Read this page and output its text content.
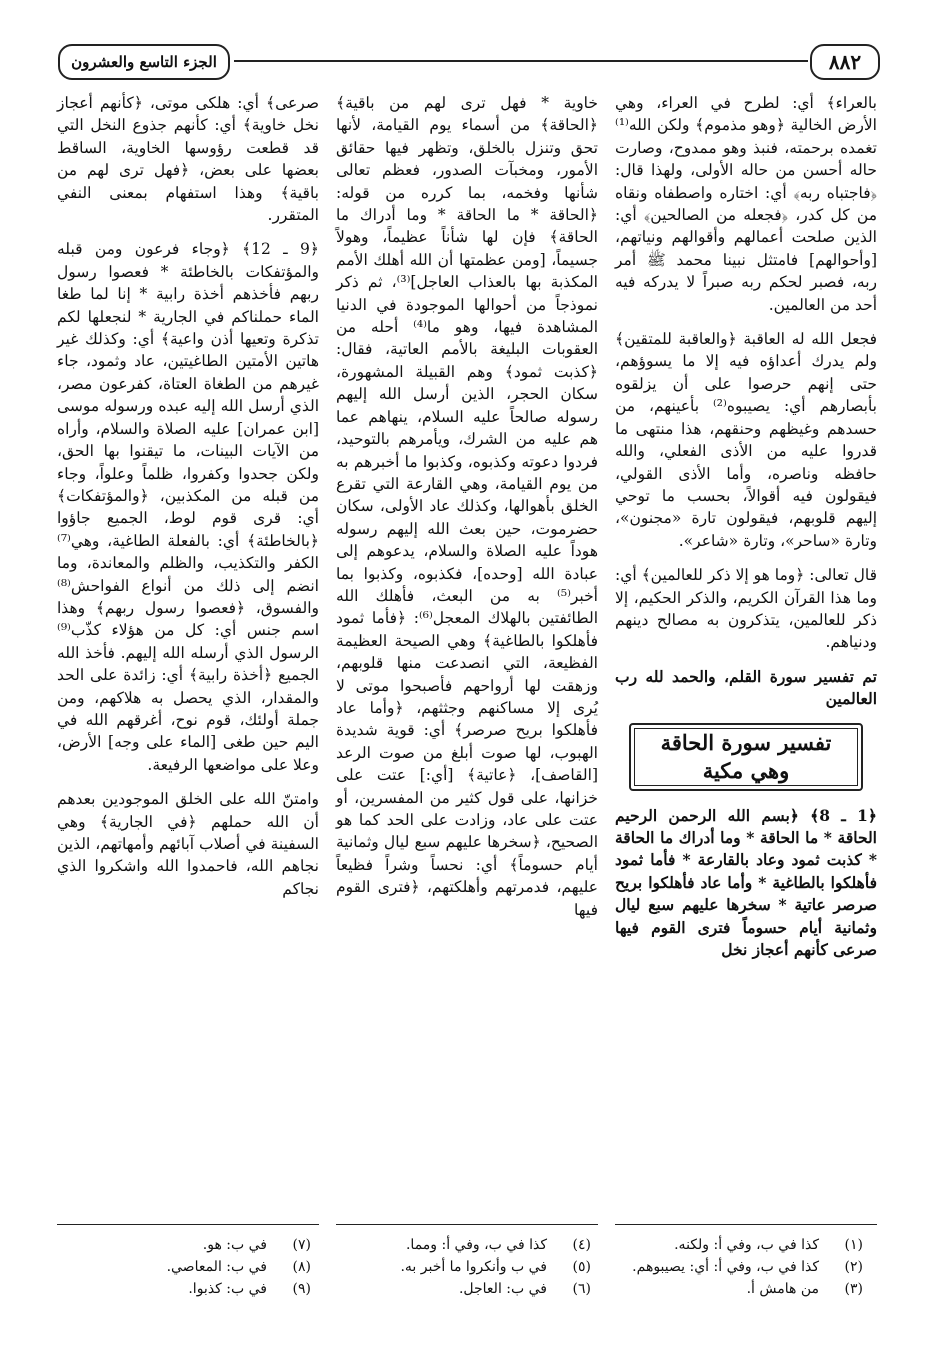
٨٨٢
الجزء التاسع والعشرون

بالعراء﴾ أي: لطرح في العراء، وهي الأرض الخالية ﴿وهو مذموم﴾ ولكن الله⁽¹⁾ تغمده برحمته، فنبذ وهو ممدوح، وصارت حاله أحسن من حاله الأولى، ولهذا قال: ﴿فاجتباه ربه﴾ أي: اختاره واصطفاه ونقاه من كل كدر، ﴿فجعله من الصالحين﴾ أي: الذين صلحت أعمالهم وأقوالهم ونياتهم، [وأحوالهم] فامتثل نبينا محمد ﷺ أمر ربه، فصبر لحكم ربه صبراً لا يدركه فيه أحد من العالمين.

فجعل الله له العاقبة ﴿والعاقبة للمتقين﴾ ولم يدرك أعداؤه فيه إلا ما يسوؤهم، حتى إنهم حرصوا على أن يزلقوه بأبصارهم أي: يصيبوه⁽²⁾ بأعينهم، من حسدهم وغيظهم وحنقهم، هذا منتهى ما قدروا عليه من الأذى الفعلي، والله حافظه وناصره، وأما الأذى القولي، فيقولون فيه أقوالاً، بحسب ما توحي إليهم قلوبهم، فيقولون تارة «مجنون»، وتارة «ساحر»، وتارة «شاعر».

قال تعالى: ﴿وما هو إلا ذكر للعالمين﴾ أي: وما هذا القرآن الكريم، والذكر الحكيم، إلا ذكر للعالمين، يتذكرون به مصالح دينهم ودنياهم.

تم تفسير سورة القلم، والحمد لله رب العالمين

تفسير سورة الحاقة
وهي مكية

﴿1 ـ 8﴾ ﴿بسم الله الرحمن الرحيم الحاقة * ما الحاقة * وما أدراك ما الحاقة * كذبت ثمود وعاد بالقارعة * فأما ثمود فأهلكوا بالطاغية * وأما عاد فأهلكوا بريح صرصر عاتية * سخرها عليهم سبع ليال وثمانية أيام حسوماً فترى القوم فيها صرعى كأنهم أعجاز نخل

خاوية * فهل ترى لهم من باقية﴾ ﴿الحاقة﴾ من أسماء يوم القيامة، لأنها تحق وتنزل بالخلق، وتظهر فيها حقائق الأمور، ومخبآت الصدور، فعظم تعالى شأنها وفخمه، بما كرره من قوله: ﴿الحاقة * ما الحاقة * وما أدراك ما الحاقة﴾ فإن لها شأناً عظيماً، وهولاً جسيماً، [ومن عظمتها أن الله أهلك الأمم المكذبة بها بالعذاب العاجل]⁽³⁾، ثم ذكر نموذجاً من أحوالها الموجودة في الدنيا المشاهدة فيها، وهو ما⁽⁴⁾ أحله من العقوبات البليغة بالأمم العاتية، فقال: ﴿كذبت ثمود﴾ وهم القبيلة المشهورة، سكان الحجر، الذين أرسل الله إليهم رسوله صالحاً عليه السلام، ينهاهم عما هم عليه من الشرك، ويأمرهم بالتوحيد، فردوا دعوته وكذبوه، وكذبوا ما أخبرهم به من يوم القيامة، وهي القارعة التي تقرع الخلق بأهوالها، وكذلك عاد الأولى، سكان حضرموت، حين بعث الله إليهم رسوله هوداً عليه الصلاة والسلام، يدعوهم إلى عبادة الله [وحده]، فكذبوه، وكذبوا بما أخبر⁽⁵⁾ به من البعث، فأهلك الله الطائفتين بالهلاك المعجل⁽⁶⁾: ﴿فأما ثمود فأهلكوا بالطاغية﴾ وهي الصيحة العظيمة الفظيعة، التي انصدعت منها قلوبهم، وزهقت لها أرواحهم فأصبحوا موتى لا يُرى إلا مساكنهم وجثثهم، ﴿وأما عاد فأهلكوا بريح صرصر﴾ أي: قوية شديدة الهبوب، لها صوت أبلغ من صوت الرعد [القاصف]، ﴿عاتية﴾ [أي:] عتت على خزانها، على قول كثير من المفسرين، أو عتت على عاد، وزادت على الحد كما هو الصحيح، ﴿سخرها عليهم سبع ليال وثمانية أيام حسوماً﴾ أي: نحساً وشراً فظيعاً عليهم، فدمرتهم وأهلكتهم، ﴿فترى القوم فيها

صرعى﴾ أي: هلكى موتى، ﴿كأنهم أعجاز نخل خاوية﴾ أي: كأنهم جذوع النخل التي قد قطعت رؤوسها الخاوية، الساقط بعضها على بعض، ﴿فهل ترى لهم من باقية﴾ وهذا استفهام بمعنى النفي المتقرر.

﴿9 ـ 12﴾ ﴿وجاء فرعون ومن قبله والمؤتفكات بالخاطئة * فعصوا رسول ربهم فأخذهم أخذة رابية * إنا لما طغا الماء حملناكم في الجارية * لنجعلها لكم تذكرة وتعيها أذن واعية﴾ أي: وكذلك غير هاتين الأمتين الطاغيتين، عاد وثمود، جاء غيرهم من الطغاة العتاة، كفرعون مصر، الذي أرسل الله إليه عبده ورسوله موسى [ابن عمران] عليه الصلاة والسلام، وأراه من الآيات البينات، ما تيقنوا بها الحق، ولكن جحدوا وكفروا، ظلماً وعلواً، وجاء من قبله من المكذبين، ﴿والمؤتفكات﴾ أي: قرى قوم لوط، الجميع جاؤوا ﴿بالخاطئة﴾ أي: بالفعلة الطاغية، وهي⁽⁷⁾ الكفر والتكذيب، والظلم والمعاندة، وما انضم إلى ذلك من أنواع الفواحش⁽⁸⁾ والفسوق، ﴿فعصوا رسول ربهم﴾ وهذا اسم جنس أي: كل من هؤلاء كذّب⁽⁹⁾ الرسول الذي أرسله الله إليهم. فأخذ الله الجميع ﴿أخذة رابية﴾ أي: زائدة على الحد والمقدار، الذي يحصل به هلاكهم، ومن جملة أولئك، قوم نوح، أغرقهم الله في اليم حين طغى [الماء على وجه] الأرض، وعلا على مواضعها الرفيعة.

وامتنّ الله على الخلق الموجودين بعدهم أن الله حملهم ﴿في الجارية﴾ وهي السفينة في أصلاب آبائهم وأمهاتهم، الذين نجاهم الله، فاحمدوا الله واشكروا الذي نجاكم

(١)
كذا في ب، وفي أ: ولكنه.
(٢)
كذا في ب، وفي أ: أي: يصيبوهم.
(٣)
من هامش أ.
(٤)
كذا في ب، وفي أ: ومما.
(٥)
في ب وأنكروا ما أخبر به.
(٦)
في ب: العاجل.
(٧)
في ب: هو.
(٨)
في ب: المعاصي.
(٩)
في ب: كذبوا.
